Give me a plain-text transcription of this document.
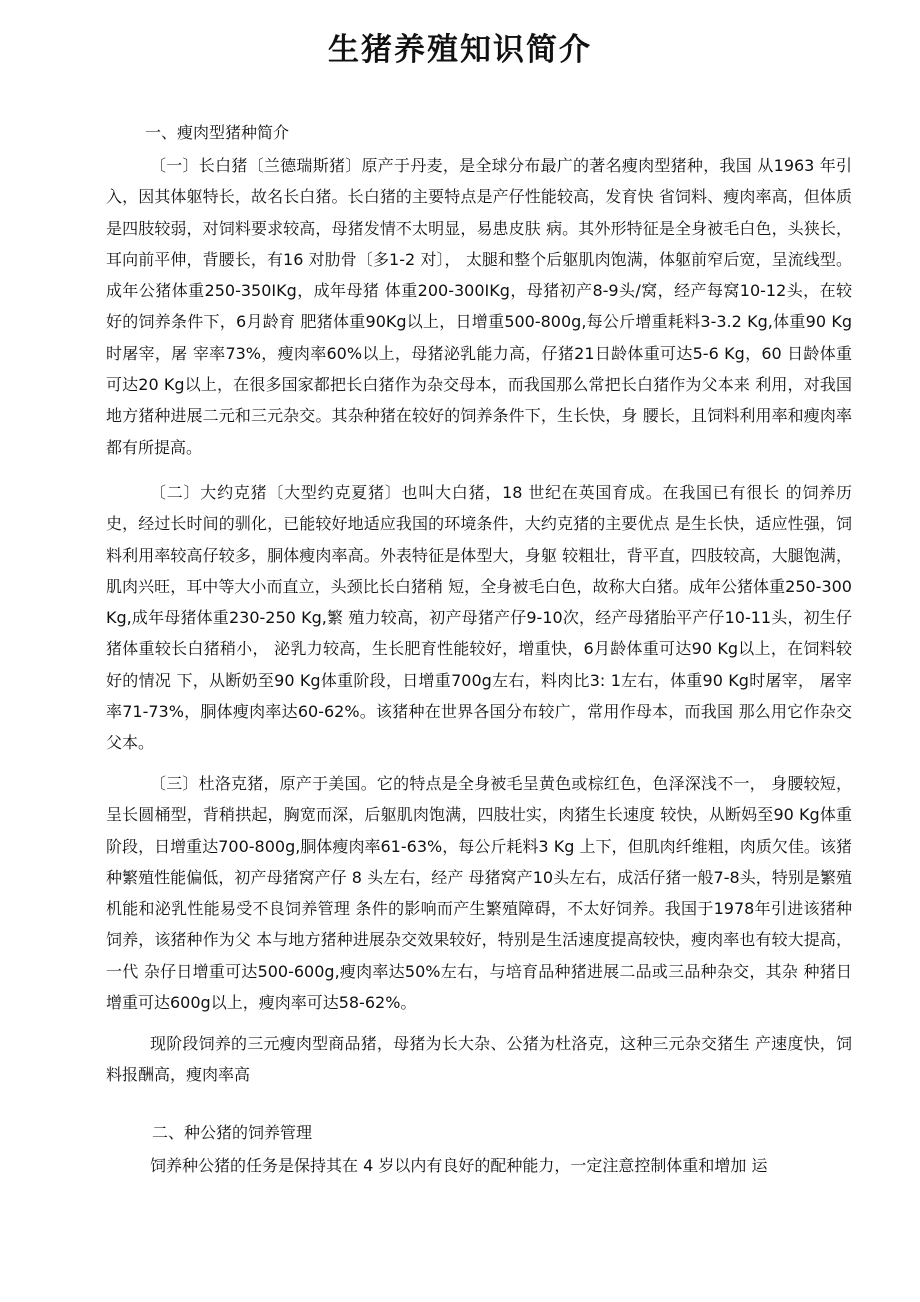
生猪养殖知识简介
一、瘦肉型猪种简介

〔一〕长白猪〔兰德瑞斯猪〕原产于丹麦，是全球分布最广的著名瘦肉型猪种，我国 从1963 年引入，因其体躯特长，故名长白猪。长白猪的主要特点是产仔性能较高，发育快 省饲料、瘦肉率高，但体质是四肢较弱，对饲料要求较高，母猪发情不太明显，易患皮肤 病。其外形特征是全身被毛白色，头狭长，耳向前平伸，背腰长，有16 对肋骨〔多1-2 对〕， 太腿和整个后躯肌肉饱满，体躯前窄后宽，呈流线型。成年公猪体重250-350IKg，成年母猪 体重200-300IKg，母猪初产8-9头/窝，经产每窝10-12头，在较好的饲养条件下，6月龄育 肥猪体重90Kg以上，日增重500-800g,每公斤增重耗料3-3.2 Kg,体重90 Kg时屠宰，屠 宰率73%，瘦肉率60%以上，母猪泌乳能力高，仔猪21日龄体重可达5-6 Kg，60 日龄体重 可达20 Kg以上，在很多国家都把长白猪作为杂交母本，而我国那么常把长白猪作为父本来 利用，对我国地方猪种进展二元和三元杂交。其杂种猪在较好的饲养条件下，生长快，身 腰长，且饲料利用率和瘦肉率都有所提高。

〔二〕大约克猪〔大型约克夏猪〕也叫大白猪，18 世纪在英国育成。在我国已有很长 的饲养历史，经过长时间的驯化，已能较好地适应我国的环境条件，大约克猪的主要优点 是生长快，适应性强，饲料利用率较高仔较多，胴体瘦肉率高。外表特征是体型大，身躯 较粗壮，背平直，四肢较高，大腿饱满，肌肉兴旺，耳中等大小而直立，头颈比长白猪稍 短，全身被毛白色，故称大白猪。成年公猪体重250-300 Kg,成年母猪体重230-250 Kg,繁 殖力较高，初产母猪产仔9-10次，经产母猪胎平产仔10-11头，初生仔猪体重较长白猪稍小， 泌乳力较高，生长肥育性能较好，增重快，6月龄体重可达90 Kg以上，在饲料较好的情况 下，从断奶至90 Kg体重阶段，日增重700g左右，料肉比3: 1左右，体重90 Kg时屠宰， 屠宰率71-73%，胴体瘦肉率达60-62%。该猪种在世界各国分布较广，常用作母本，而我国 那么用它作杂交父本。

〔三〕杜洛克猪，原产于美国。它的特点是全身被毛呈黄色或棕红色，色泽深浅不一， 身腰较短，呈长圆桶型，背稍拱起，胸宽而深，后躯肌肉饱满，四肢壮实，肉猪生长速度 较快，从断妈至90 Kg体重阶段，日增重达700-800g,胴体瘦肉率61-63%，每公斤耗料3 Kg 上下，但肌肉纤维粗，肉质欠佳。该猪种繁殖性能偏低，初产母猪窝产仔 8 头左右，经产 母猪窝产10头左右，成活仔猪一般7-8头，特别是繁殖机能和泌乳性能易受不良饲养管理 条件的影响而产生繁殖障碍，不太好饲养。我国于1978年引进该猪种饲养，该猪种作为父 本与地方猪种进展杂交效果较好，特别是生活速度提高较快，瘦肉率也有较大提高，一代 杂仔日增重可达500-600g,瘦肉率达50%左右，与培育品种猪进展二品或三品种杂交，其杂 种猪日增重可达600g以上，瘦肉率可达58-62%。

现阶段饲养的三元瘦肉型商品猪，母猪为长大杂、公猪为杜洛克，这种三元杂交猪生 产速度快，饲料报酬高，瘦肉率高

二、种公猪的饲养管理

饲养种公猪的任务是保持其在 4 岁以内有良好的配种能力，一定注意控制体重和增加 运
